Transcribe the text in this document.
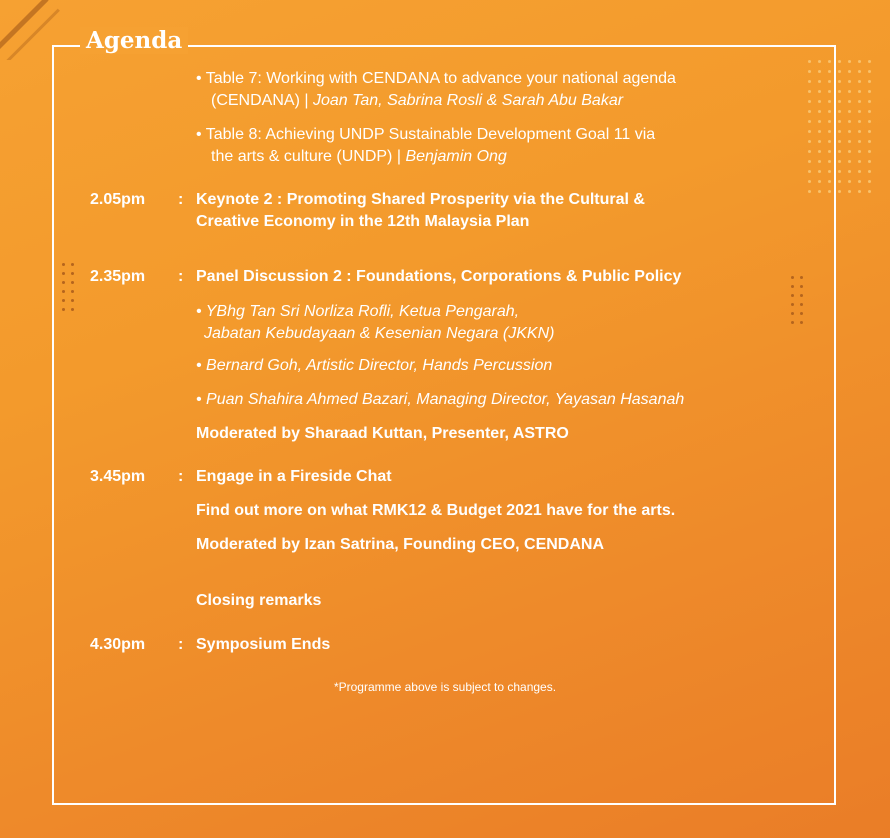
Agenda
• Table 7: Working with CENDANA to advance your national agenda
(CENDANA) | Joan Tan, Sabrina Rosli & Sarah Abu Bakar
• Table 8: Achieving UNDP Sustainable Development Goal 11 via
the arts & culture (UNDP) | Benjamin Ong
2.05pm : Keynote 2 : Promoting Shared Prosperity via the Cultural &
Creative Economy in the 12th Malaysia Plan
2.35pm : Panel Discussion 2 : Foundations, Corporations & Public Policy
• YBhg Tan Sri Norliza Rofli, Ketua Pengarah,
Jabatan Kebudayaan & Kesenian Negara (JKKN)
• Bernard Goh, Artistic Director, Hands Percussion
• Puan Shahira Ahmed Bazari, Managing Director, Yayasan Hasanah
Moderated by Sharaad Kuttan, Presenter, ASTRO
3.45pm : Engage in a Fireside Chat
Find out more on what RMK12 & Budget 2021 have for the arts.
Moderated by Izan Satrina, Founding CEO, CENDANA
Closing remarks
4.30pm : Symposium Ends
*Programme above is subject to changes.
